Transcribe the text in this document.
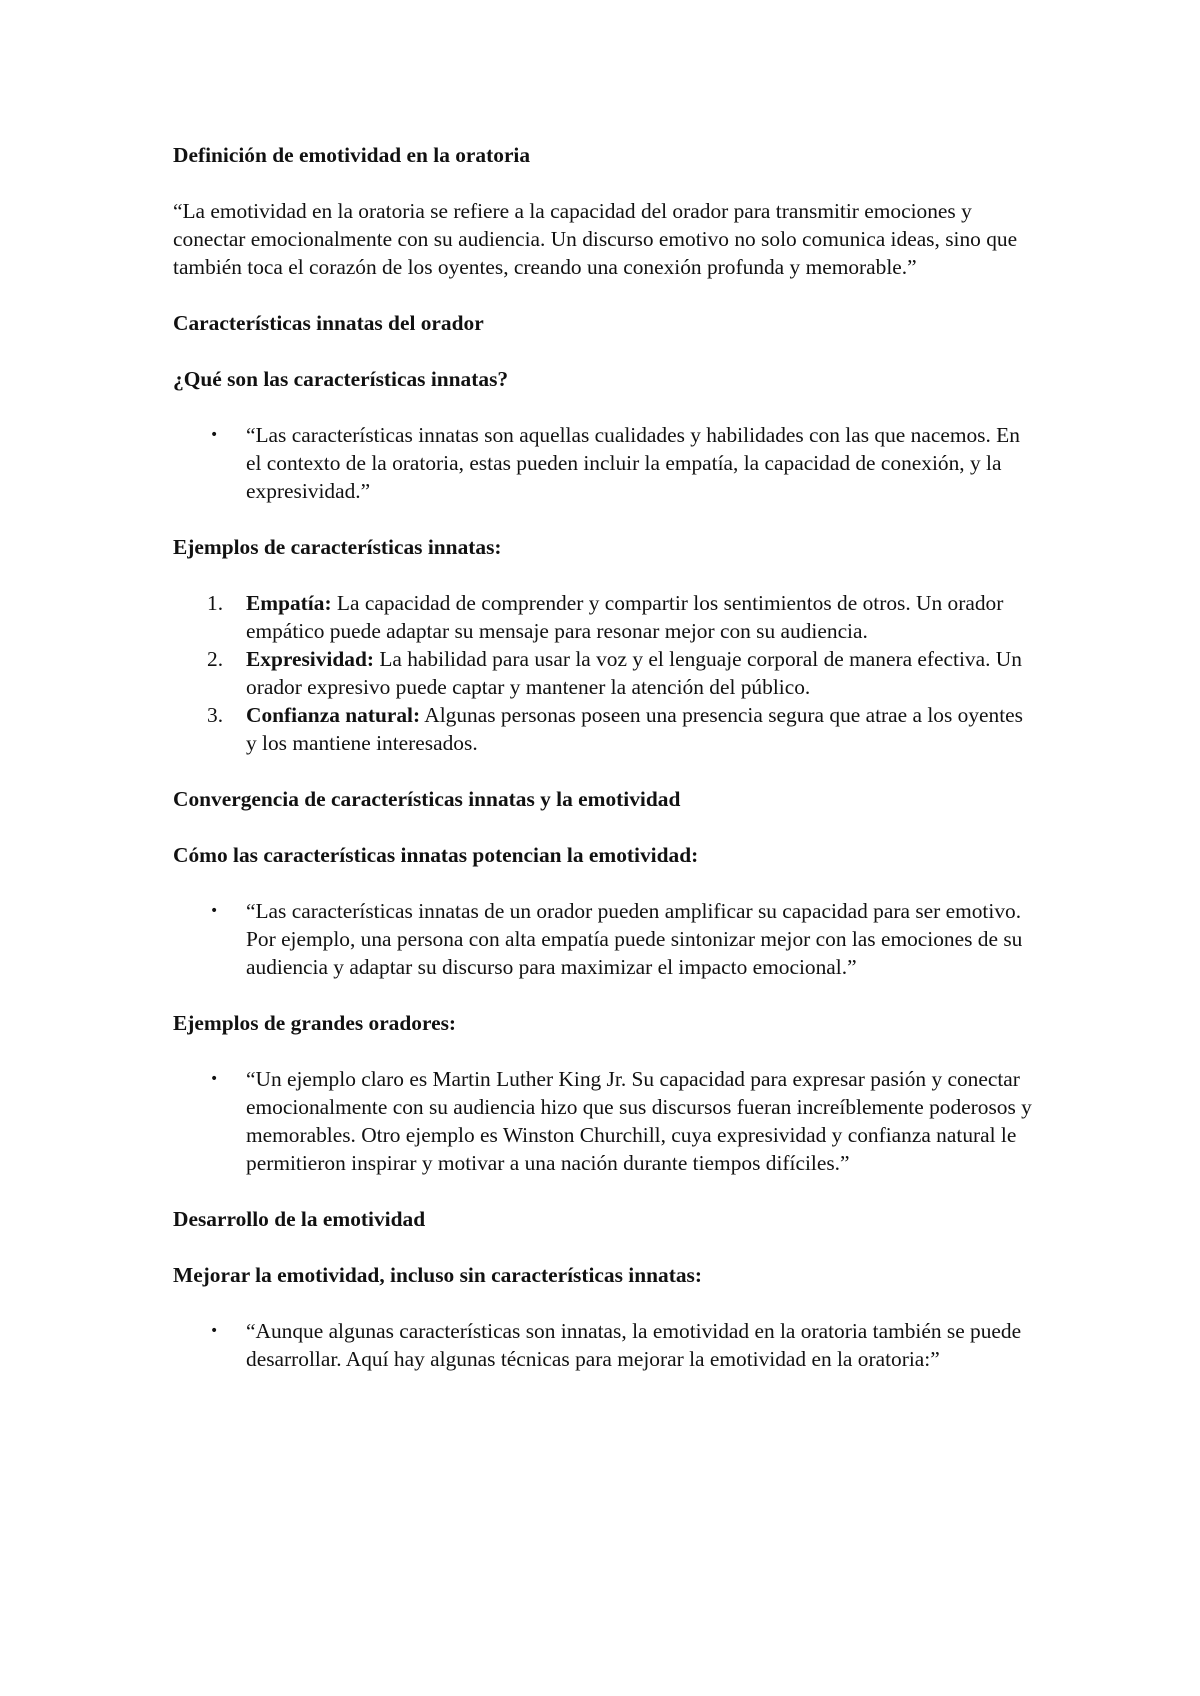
Definición de emotividad en la oratoria
“La emotividad en la oratoria se refiere a la capacidad del orador para transmitir emociones y conectar emocionalmente con su audiencia. Un discurso emotivo no solo comunica ideas, sino que también toca el corazón de los oyentes, creando una conexión profunda y memorable.”
Características innatas del orador
¿Qué son las características innatas?
• “Las características innatas son aquellas cualidades y habilidades con las que nacemos. En el contexto de la oratoria, estas pueden incluir la empatía, la capacidad de conexión, y la expresividad.”
Ejemplos de características innatas:
1. Empatía: La capacidad de comprender y compartir los sentimientos de otros. Un orador empático puede adaptar su mensaje para resonar mejor con su audiencia.
2. Expresividad: La habilidad para usar la voz y el lenguaje corporal de manera efectiva. Un orador expresivo puede captar y mantener la atención del público.
3. Confianza natural: Algunas personas poseen una presencia segura que atrae a los oyentes y los mantiene interesados.
Convergencia de características innatas y la emotividad
Cómo las características innatas potencian la emotividad:
• “Las características innatas de un orador pueden amplificar su capacidad para ser emotivo. Por ejemplo, una persona con alta empatía puede sintonizar mejor con las emociones de su audiencia y adaptar su discurso para maximizar el impacto emocional.”
Ejemplos de grandes oradores:
• “Un ejemplo claro es Martin Luther King Jr. Su capacidad para expresar pasión y conectar emocionalmente con su audiencia hizo que sus discursos fueran increíblemente poderosos y memorables. Otro ejemplo es Winston Churchill, cuya expresividad y confianza natural le permitieron inspirar y motivar a una nación durante tiempos difíciles.”
Desarrollo de la emotividad
Mejorar la emotividad, incluso sin características innatas:
• “Aunque algunas características son innatas, la emotividad en la oratoria también se puede desarrollar. Aquí hay algunas técnicas para mejorar la emotividad en la oratoria:”
